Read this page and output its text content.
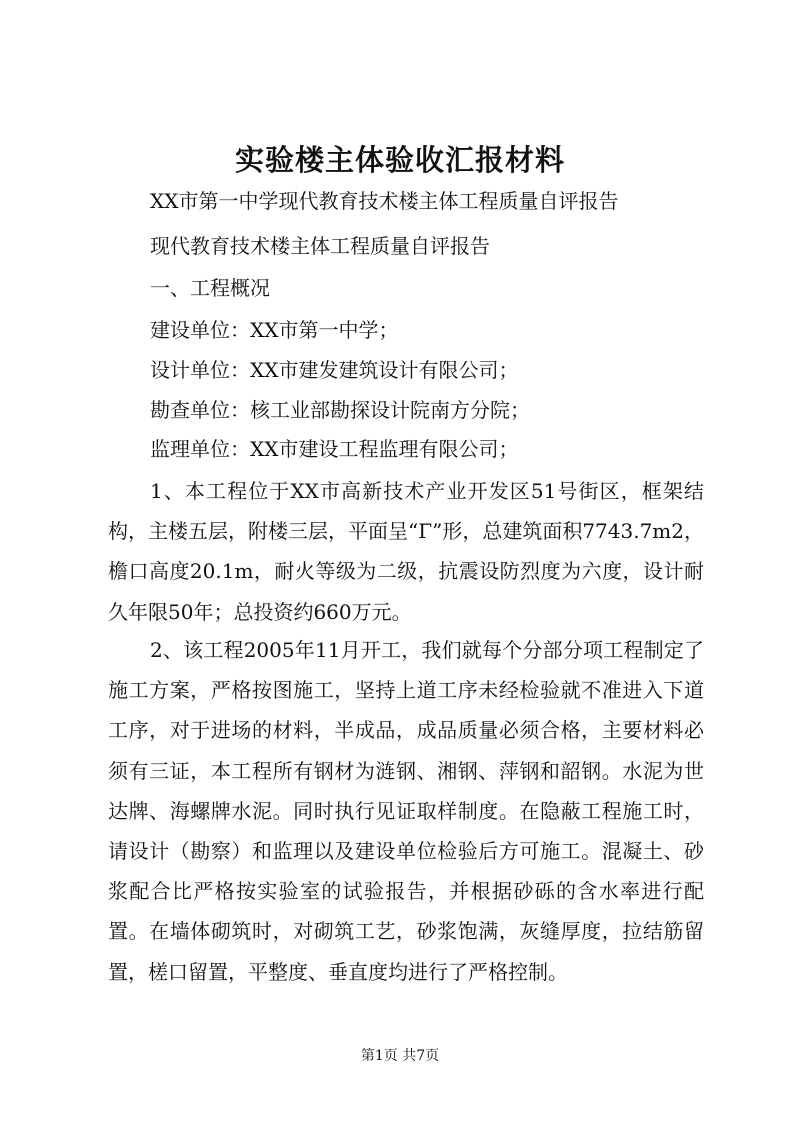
实验楼主体验收汇报材料
XX市第一中学现代教育技术楼主体工程质量自评报告
现代教育技术楼主体工程质量自评报告
一、工程概况
建设单位：XX市第一中学；
设计单位：XX市建发建筑设计有限公司；
勘查单位：核工业部勘探设计院南方分院；
监理单位：XX市建设工程监理有限公司；

1、本工程位于XX市高新技术产业开发区51号街区，框架结构，主楼五层，附楼三层，平面呈“Γ”形，总建筑面积7743.7m2，檐口高度20.1m，耐火等级为二级，抗震设防烈度为六度，设计耐久年限50年；总投资约660万元。

2、该工程2005年11月开工，我们就每个分部分项工程制定了施工方案，严格按图施工，坚持上道工序未经检验就不准进入下道工序，对于进场的材料，半成品，成品质量必须合格，主要材料必须有三证，本工程所有钢材为涟钢、湘钢、萍钢和韶钢。水泥为世达牌、海螺牌水泥。同时执行见证取样制度。在隐蔽工程施工时，请设计（勘察）和监理以及建设单位检验后方可施工。混凝土、砂浆配合比严格按实验室的试验报告，并根据砂砾的含水率进行配置。在墙体砌筑时，对砌筑工艺，砂浆饱满，灰缝厚度，拉结筋留置，槎口留置，平整度、垂直度均进行了严格控制。

第1页 共7页
